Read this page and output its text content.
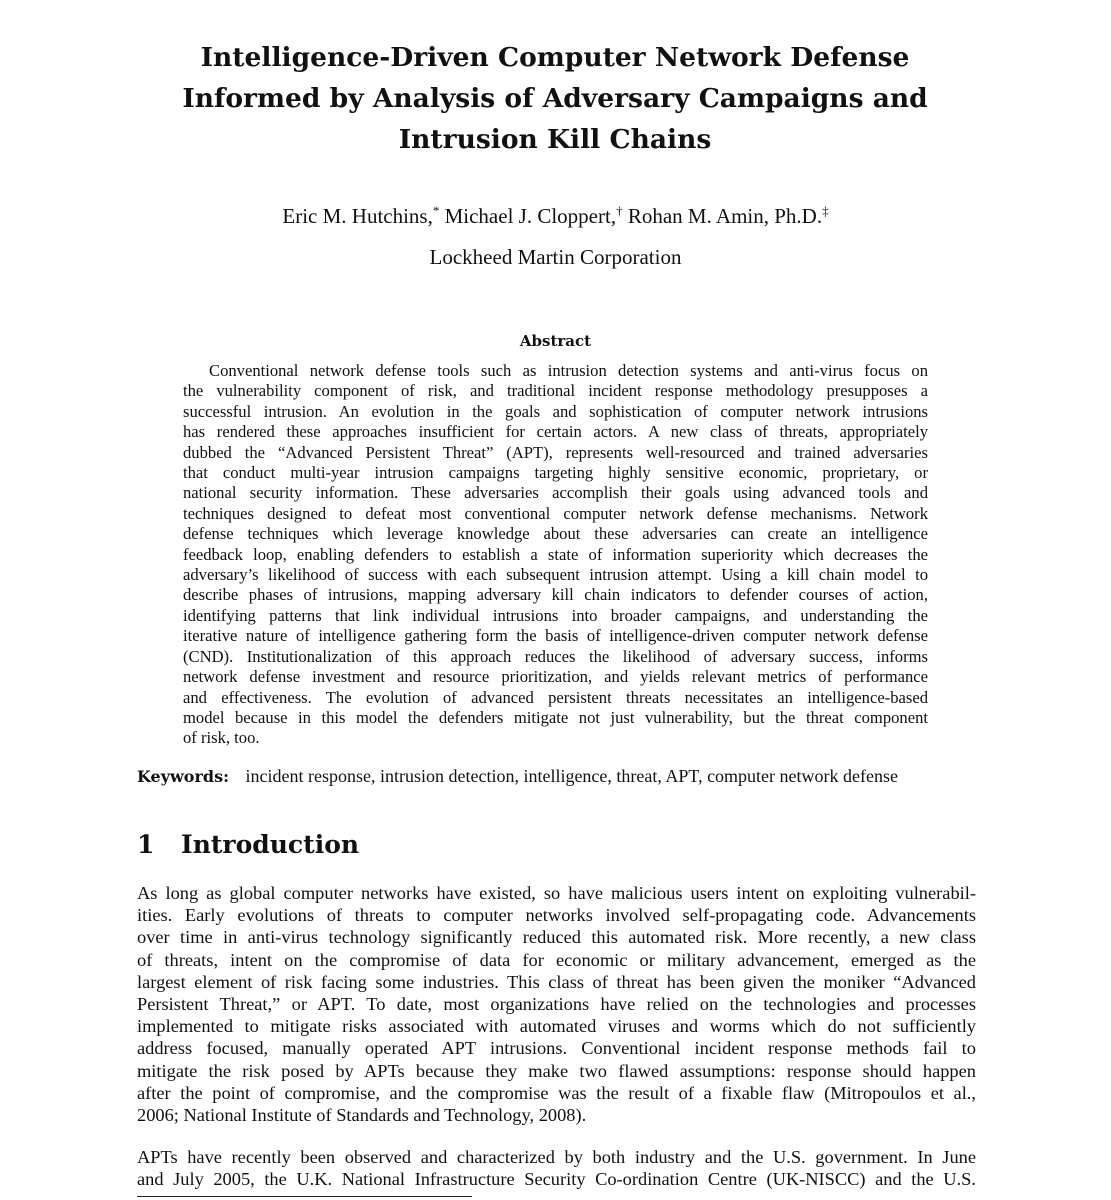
Intelligence-Driven Computer Network Defense
Informed by Analysis of Adversary Campaigns and
Intrusion Kill Chains
Eric M. Hutchins,* Michael J. Cloppert,† Rohan M. Amin, Ph.D.‡
Lockheed Martin Corporation
Abstract
Conventional network defense tools such as intrusion detection systems and anti-virus focus on
the vulnerability component of risk, and traditional incident response methodology presupposes a
successful intrusion. An evolution in the goals and sophistication of computer network intrusions
has rendered these approaches insufficient for certain actors. A new class of threats, appropriately
dubbed the “Advanced Persistent Threat” (APT), represents well-resourced and trained adversaries
that conduct multi-year intrusion campaigns targeting highly sensitive economic, proprietary, or
national security information. These adversaries accomplish their goals using advanced tools and
techniques designed to defeat most conventional computer network defense mechanisms. Network
defense techniques which leverage knowledge about these adversaries can create an intelligence
feedback loop, enabling defenders to establish a state of information superiority which decreases the
adversary’s likelihood of success with each subsequent intrusion attempt. Using a kill chain model to
describe phases of intrusions, mapping adversary kill chain indicators to defender courses of action,
identifying patterns that link individual intrusions into broader campaigns, and understanding the
iterative nature of intelligence gathering form the basis of intelligence-driven computer network defense
(CND). Institutionalization of this approach reduces the likelihood of adversary success, informs
network defense investment and resource prioritization, and yields relevant metrics of performance
and effectiveness. The evolution of advanced persistent threats necessitates an intelligence-based
model because in this model the defenders mitigate not just vulnerability, but the threat component
of risk, too.
Keywords: incident response, intrusion detection, intelligence, threat, APT, computer network defense
1 Introduction
As long as global computer networks have existed, so have malicious users intent on exploiting vulnerabil-
ities. Early evolutions of threats to computer networks involved self-propagating code. Advancements
over time in anti-virus technology significantly reduced this automated risk. More recently, a new class
of threats, intent on the compromise of data for economic or military advancement, emerged as the
largest element of risk facing some industries. This class of threat has been given the moniker “Advanced
Persistent Threat,” or APT. To date, most organizations have relied on the technologies and processes
implemented to mitigate risks associated with automated viruses and worms which do not sufficiently
address focused, manually operated APT intrusions. Conventional incident response methods fail to
mitigate the risk posed by APTs because they make two flawed assumptions: response should happen
after the point of compromise, and the compromise was the result of a fixable flaw (Mitropoulos et al.,
2006; National Institute of Standards and Technology, 2008).
APTs have recently been observed and characterized by both industry and the U.S. government. In June
and July 2005, the U.K. National Infrastructure Security Co-ordination Centre (UK-NISCC) and the U.S.
